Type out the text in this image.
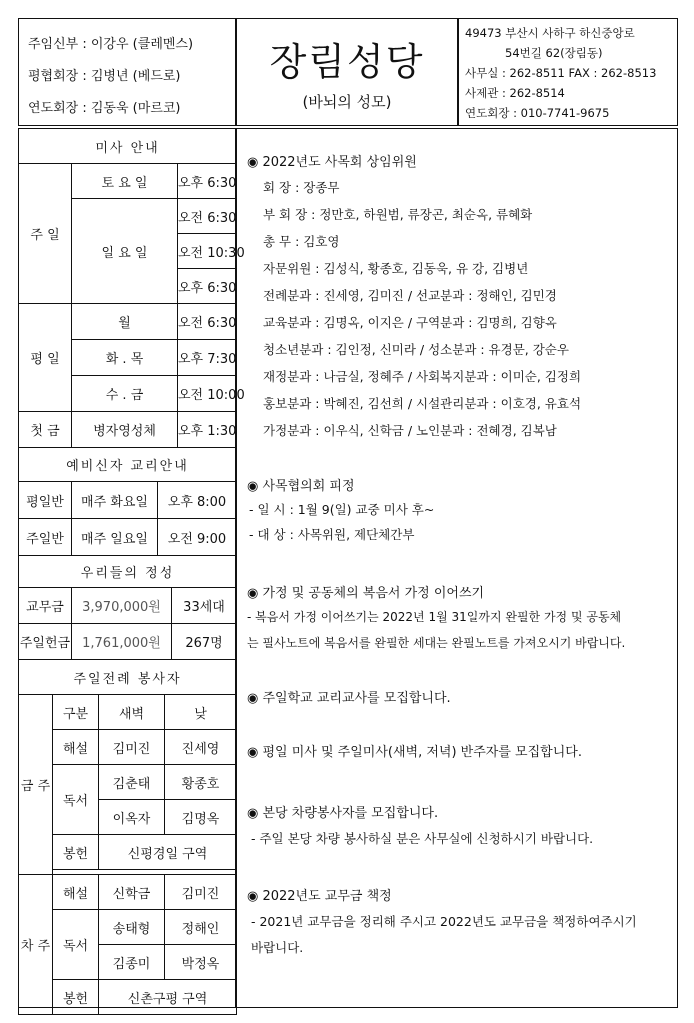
주임신부 : 이강우 (클레멘스)
평협회장 : 김병년 (베드로)
연도회장 : 김동욱 (마르코)
장림성당
(바뇌의 성모)
49473 부산시 사하구 하신중앙로
54번길 62(장림동)
사무실 : 262-8511 FAX : 262-8513
사제관 : 262-8514
연도회장 : 010-7741-9675
미사 안내		
주 일	토 요 일	오후 6:30
	일 요 일	오전 6:30
		오전 10:30
		오후 6:30
평 일	월	오전 6:30
	화 . 목	오후 7:30
	수 . 금	오전 10:00
첫 금	병자영성체	오후 1:30
예비신자 교리안내		
평일반	매주 화요일	오후 8:00
주일반	매주 일요일	오전 9:00
우리들의 정성		
교무금	3,970,000원	33세대
주일헌금	1,761,000원	267명
주일전례 봉사자			
금 주	구분	새벽	낮
	해설	김미진	진세영
	독서	김춘태	황종호
		이옥자	김명옥
	봉헌	신평경일 구역	

차 주	해설	신학금	김미진
	독서	송태형	정해인
		김종미	박정옥
	봉헌	신촌구평 구역	
◉ 2022년도 사목회 상임위원
회 장 : 장종무
부 회 장 : 정만호, 하원범, 류장곤, 최순옥, 류혜화
총 무 : 김호영
자문위원 : 김성식, 황종호, 김동욱, 유 강, 김병년
전례분과 : 진세영, 김미진 / 선교분과 : 정해인, 김민경
교육분과 : 김명옥, 이지은 / 구역분과 : 김명희, 김향옥
청소년분과 : 김인정, 신미라 / 성소분과 : 유경문, 강순우
재정분과 : 나금실, 정혜주 / 사회복지분과 : 이미순, 김정희
홍보분과 : 박혜진, 김선희 / 시설관리분과 : 이호경, 유효석
가정분과 : 이우식, 신학금 / 노인분과 : 전혜경, 김복남
◉ 사목협의회 피정
- 일 시 : 1월 9(일) 교중 미사 후~
- 대 상 : 사목위원, 제단체간부
◉ 가정 및 공동체의 복음서 가정 이어쓰기
- 복음서 가정 이어쓰기는 2022년 1월 31일까지 완필한 가정 및 공동체
는 필사노트에 복음서를 완필한 세대는 완필노트를 가져오시기 바랍니다.
◉ 주일학교 교리교사를 모집합니다.
◉ 평일 미사 및 주일미사(새벽, 저녁) 반주자를 모집합니다.
◉ 본당 차량봉사자를 모집합니다.
- 주일 본당 차량 봉사하실 분은 사무실에 신청하시기 바랍니다.
◉ 2022년도 교무금 책정
- 2021년 교무금을 정리해 주시고 2022년도 교무금을 책정하여주시기
바랍니다.
